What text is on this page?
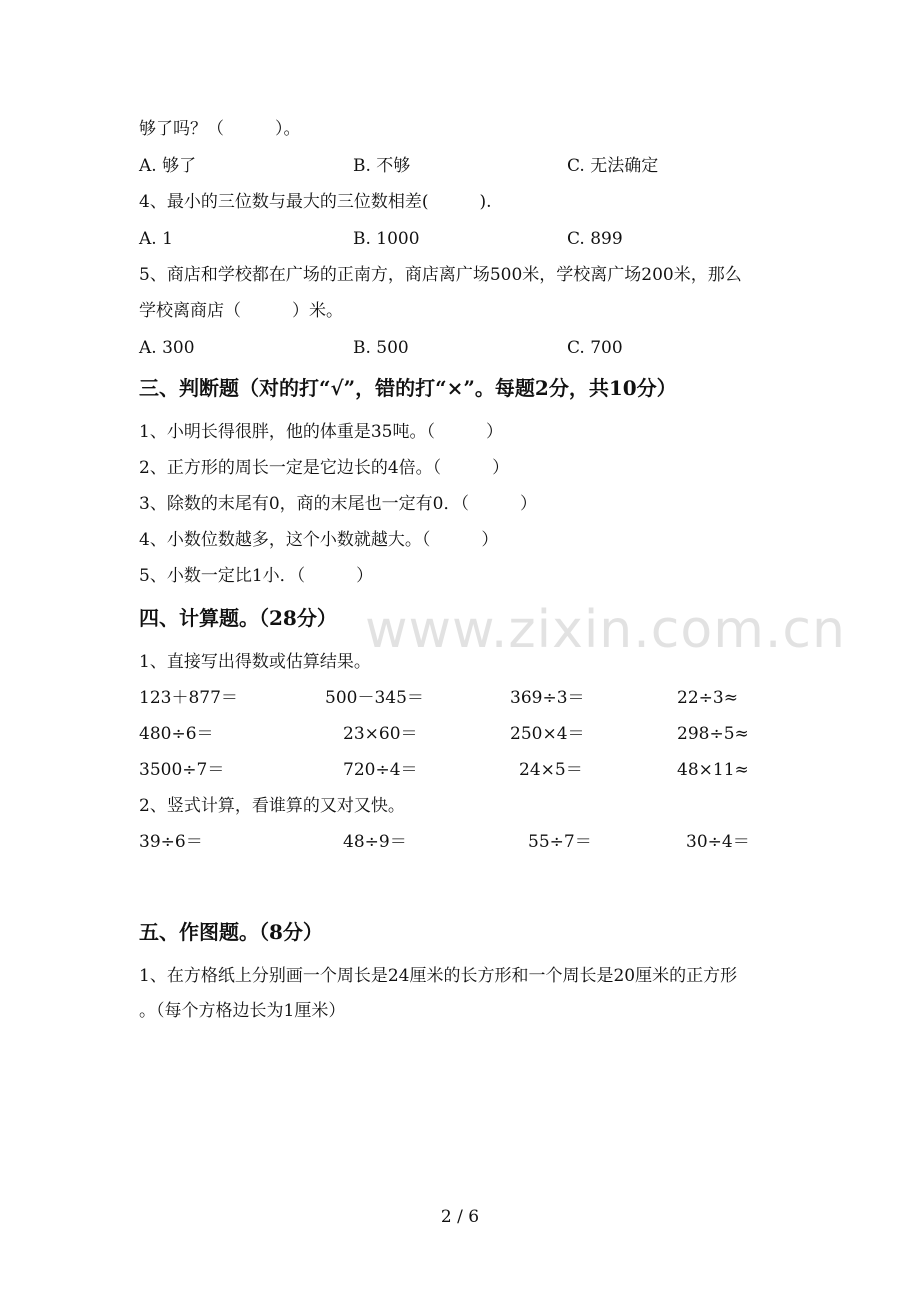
够了吗？（　　　）。
A. 够了	B. 不够	C. 无法确定
4、最小的三位数与最大的三位数相差(　　　).
A. 1	B. 1000	C. 899
5、商店和学校都在广场的正南方，商店离广场500米，学校离广场200米，那么
学校离商店（　　　）米。
A. 300	B. 500	C. 700
三、判断题（对的打“√”，错的打“×”。每题2分，共10分）
1、小明长得很胖，他的体重是35吨。（　　　）
2、正方形的周长一定是它边长的4倍。（　　　）
3、除数的末尾有0，商的末尾也一定有0．（　　　）
4、小数位数越多，这个小数就越大。（　　　）
5、小数一定比1小．（　　　）
四、计算题。（28分）
1、直接写出得数或估算结果。
123＋877＝	500－345＝	369÷3＝	22÷3≈
480÷6＝	23×60＝	250×4＝	298÷5≈
3500÷7＝	720÷4＝	24×5＝	48×11≈
2、竖式计算，看谁算的又对又快。
39÷6＝	48÷9＝	55÷7＝	30÷4＝
五、作图题。（8分）
1、在方格纸上分别画一个周长是24厘米的长方形和一个周长是20厘米的正方形
。（每个方格边长为1厘米）
www.zixin.com.cn
2 / 6
